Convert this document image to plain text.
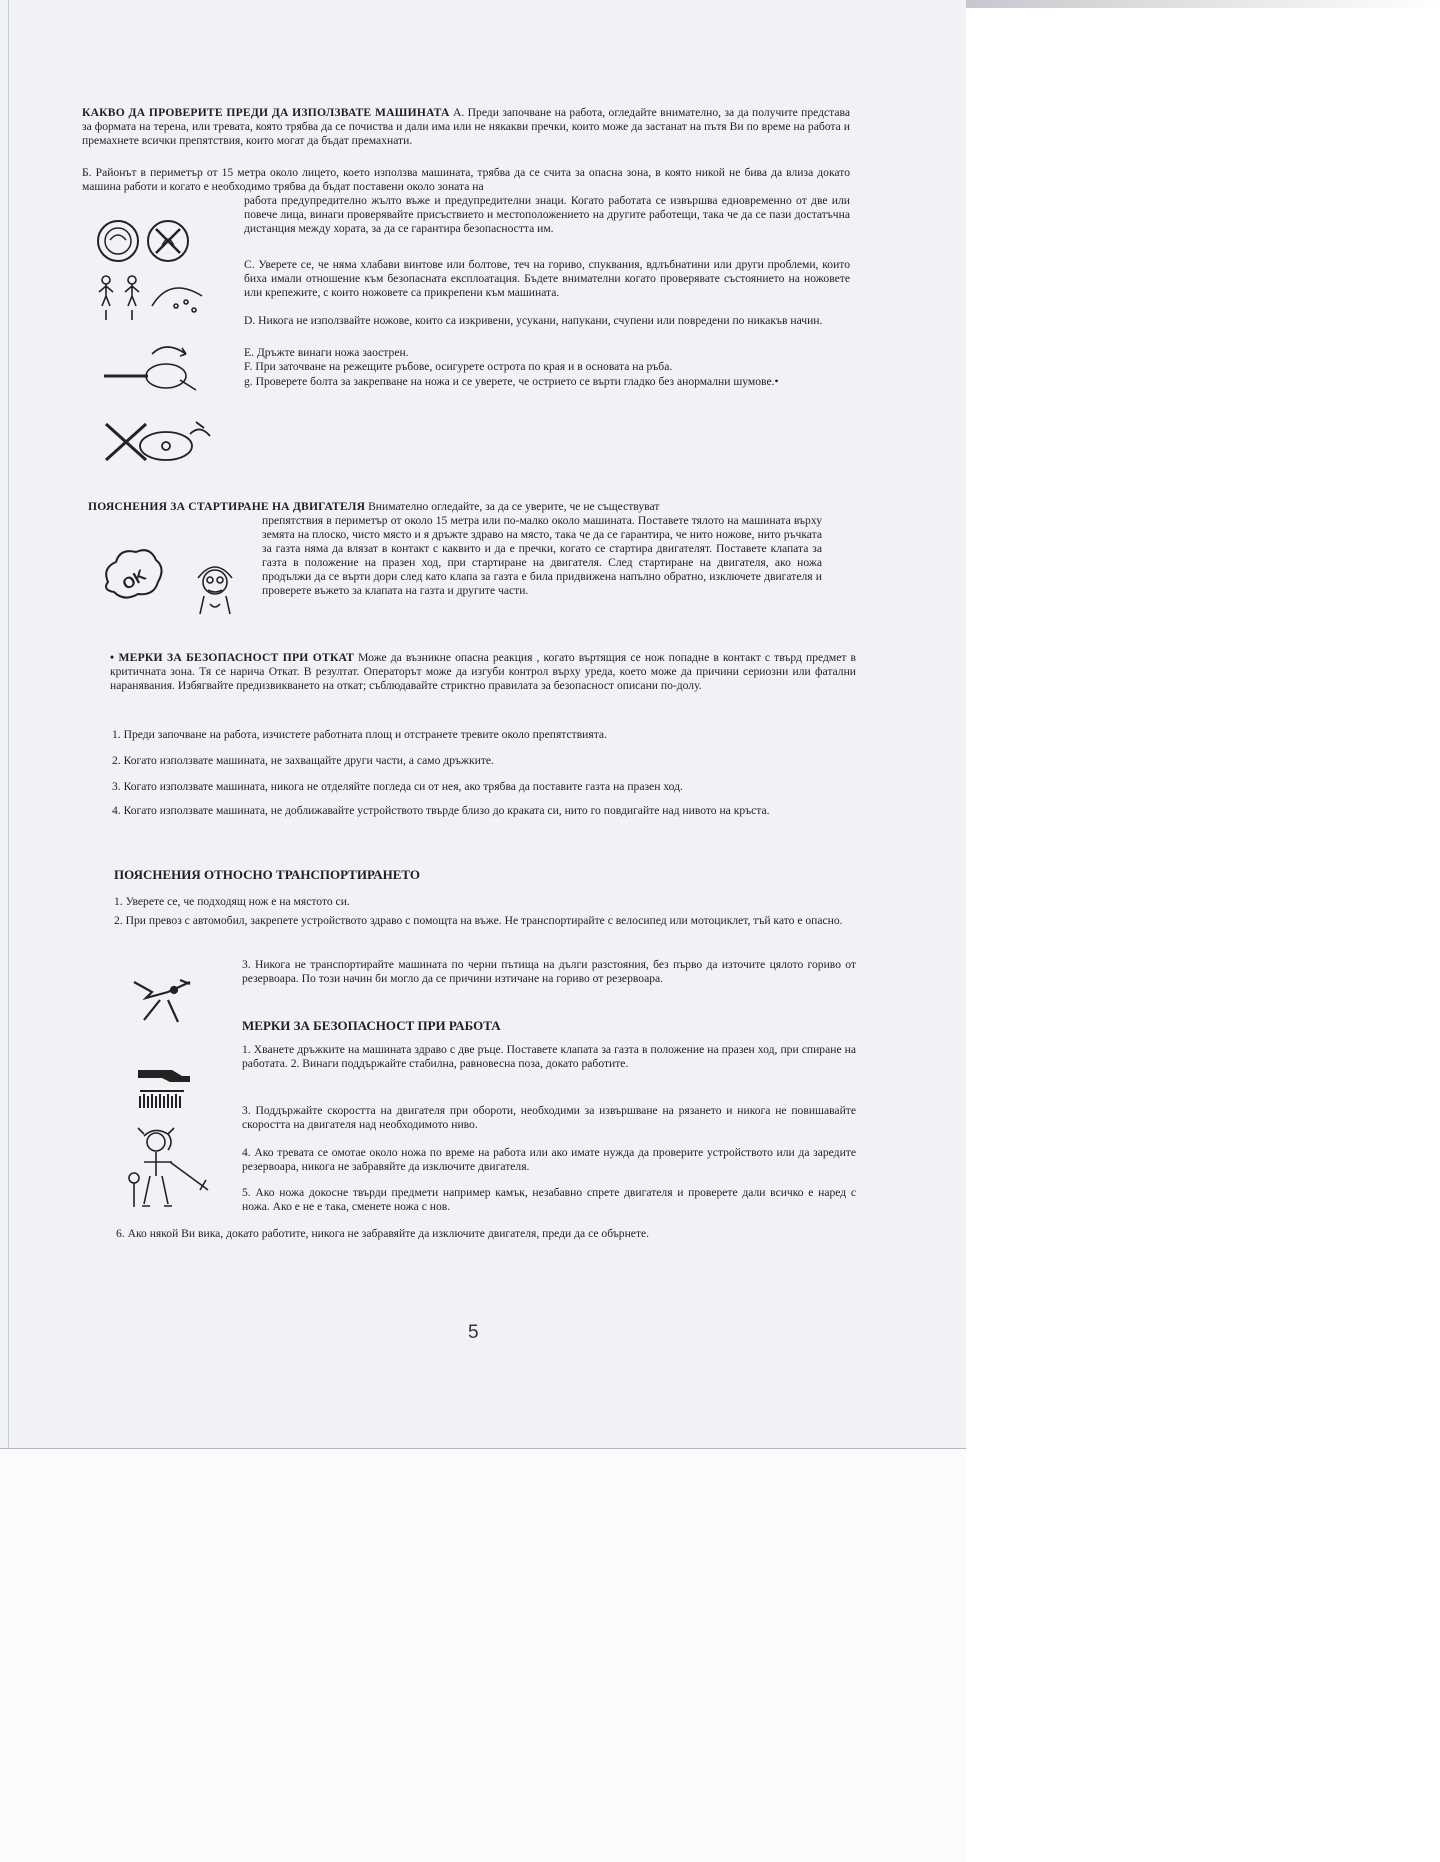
КАКВО ДА ПРОВЕРИТЕ ПРЕДИ ДА ИЗПОЛЗВАТЕ МАШИНАТА А. Преди започване на работа, огледайте внимателно, за да получите представа за формата на терена, или тревата, която трябва да се почиства и дали има или не някакви пречки, които може да застанат на пътя Ви по време на работа и премахнете всички препятствия, които могат да бъдат премахнати.
Б. Районът в периметър от 15 метра около лицето, което използва машината, трябва да се счита за опасна зона, в която никой не бива да влиза докато машина работи и когато е необходимо трябва да бъдат поставени около зоната на
работа предупредително жълто въже и предупредителни знаци. Когато работата се извършва едновременно от две или повече лица, винаги проверявайте присъствието и местоположението на другите работещи, така че да се пази достатъчна дистанция между хората, за да се гарантира безопасността им.
С. Уверете се, че няма хлабави винтове или болтове, теч на гориво, спуквания, вдлъбнатини или други проблеми, които биха имали отношение към безопасната експлоатация. Бъдете внимателни когато проверявате състоянието на ножовете или крепежите, с които ножовете са прикрепени към машината.
D. Никога не използвайте ножове, които са изкривени, усукани, напукани, счупени или повредени по никакъв начин.
Е. Дръжте винаги ножа заострен.
F. При заточване на режещите ръбове, осигурете острота по края и в основата на ръба.
g. Проверете болта за закрепване на ножа и се уверете, че острието се върти гладко без анормални шумове.•
ПОЯСНЕНИЯ ЗА СТАРТИРАНЕ НА ДВИГАТЕЛЯ Внимателно огледайте, за да се уверите, че не съществуват
препятствия в периметър от около 15 метра или по-малко около машината. Поставете тялото на машината върху земята на плоско, чисто място и я дръжте здраво на място, така че да се гарантира, че нито ножове, нито ръчката за газта няма да влязат в контакт с каквито и да е пречки, когато се стартира двигателят. Поставете клапата за газта в положение на празен ход, при стартиране на двигателя. След стартиране на двигателя, ако ножа продължи да се върти дори след като клапа за газта е била придвижена напълно обратно, изключете двигателя и проверете въжето за клапата на газта и другите части.
OK
• МЕРКИ ЗА БЕЗОПАСНОСТ ПРИ ОТКАТ Може да възникне опасна реакция , когато въртящия се нож попадне в контакт с твърд предмет в критичната зона. Тя се нарича Откат. В резултат. Операторът може да изгуби контрол върху уреда, което може да причини сериозни или фатални наранявания. Избягвайте предизвикването на откат; съблюдавайте стриктно правилата за безопасност описани по-долу.
1. Преди започване на работа, изчистете работната площ и отстранете тревите около препятствията.
2. Когато използвате машината, не захващайте други части, а само дръжките.
3. Когато използвате машината, никога не отделяйте погледа си от нея, ако трябва да поставите газта на празен ход.
4. Когато използвате машината, не доближавайте устройството твърде близо до краката си, нито го повдигайте над нивото на кръста.
ПОЯСНЕНИЯ ОТНОСНО ТРАНСПОРТИРАНЕТО
1. Уверете се, че подходящ нож е на мястото си.
2. При превоз с автомобил, закрепете устройството здраво с помощта на въже. Не транспортирайте с велосипед или мотоциклет, тъй като е опасно.
3. Никога не транспортирайте машината по черни пътища на дълги разстояния, без първо да източите цялото гориво от резервоара. По този начин би могло да се причини изтичане на гориво от резервоара.
МЕРКИ ЗА БЕЗОПАСНОСТ ПРИ РАБОТА
1. Хванете дръжките на машината здраво с две ръце. Поставете клапата за газта в положение на празен ход, при спиране на работата. 2. Винаги поддържайте стабилна, равновесна поза, докато работите.
3. Поддържайте скоростта на двигателя при обороти, необходими за извършване на рязането и никога не повишавайте скоростта на двигателя над необходимото ниво.
4. Ако тревата се омотае около ножа по време на работа или ако имате нужда да проверите устройството или да заредите резервоара, никога не забравяйте да изключите двигателя.
5. Ако ножа докосне твърди предмети например камък, незабавно спрете двигателя и проверете дали всичко е наред с ножа. Ако е не е така, сменете ножа с нов.
6. Ако някой Ви вика, докато работите, никога не забравяйте да изключите двигателя, преди да се обърнете.
5
